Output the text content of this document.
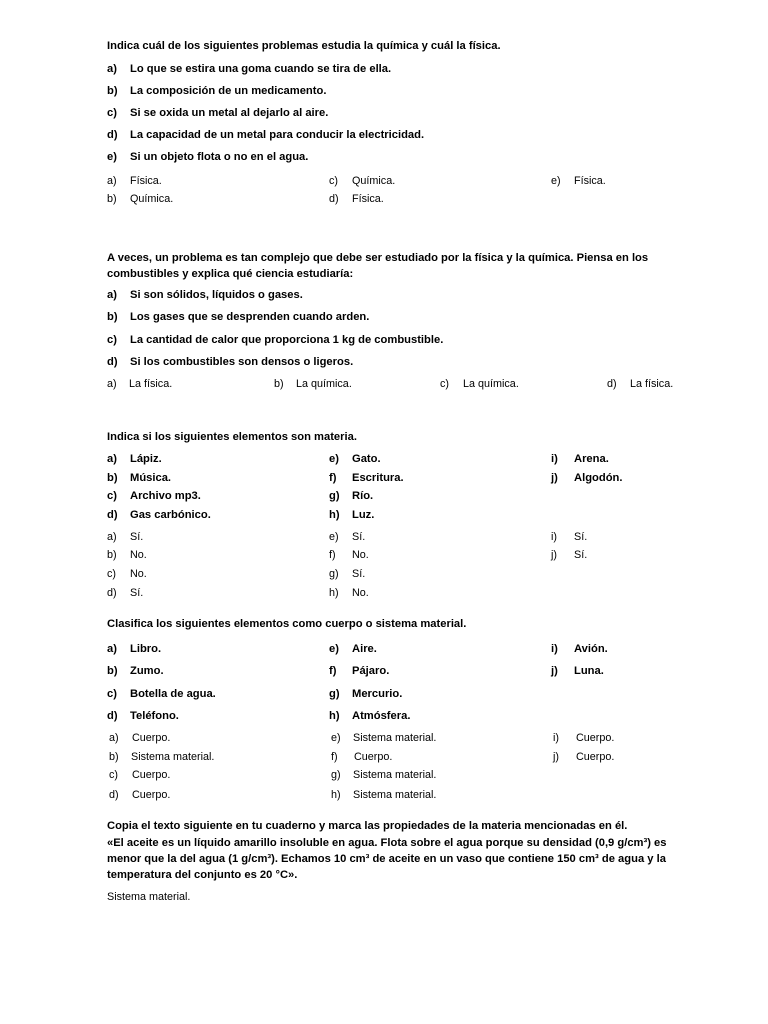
Indica cuál de los siguientes problemas estudia la química y cuál la física.
a) Lo que se estira una goma cuando se tira de ella.
b) La composición de un medicamento.
c) Si se oxida un metal al dejarlo al aire.
d) La capacidad de un metal para conducir la electricidad.
e) Si un objeto flota o no en el agua.
a) Física.
b) Química.
c) Química.
d) Física.
e) Física.
A veces, un problema es tan complejo que debe ser estudiado por la física y la química. Piensa en los
combustibles y explica qué ciencia estudiaría:
a) Si son sólidos, líquidos o gases.
b) Los gases que se desprenden cuando arden.
c) La cantidad de calor que proporciona 1 kg de combustible.
d) Si los combustibles son densos o ligeros.
a) La física.	b) La química.	c) La química.	d) La física.
Indica si los siguientes elementos son materia.
a) Lápiz.
b) Música.
c) Archivo mp3.
d) Gas carbónico.
e) Gato.
f) Escritura.
g) Río.
h) Luz.
i) Arena.
j) Algodón.
a) Sí.
b) No.
c) No.
d) Sí.
e) Sí.
f) No.
g) Sí.
h) No.
i) Sí.
j) Sí.
Clasifica los siguientes elementos como cuerpo o sistema material.
a) Libro.
b) Zumo.
c) Botella de agua.
d) Teléfono.
e) Aire.
f) Pájaro.
g) Mercurio.
h) Atmósfera.
i) Avión.
j) Luna.
a) Cuerpo.
b) Sistema material.
c) Cuerpo.
d) Cuerpo.
e) Sistema material.
f) Cuerpo.
g) Sistema material.
h) Sistema material.
i) Cuerpo.
j) Cuerpo.
Copia el texto siguiente en tu cuaderno y marca las propiedades de la materia mencionadas en él.
«El aceite es un líquido amarillo insoluble en agua. Flota sobre el agua porque su densidad (0,9 g/cm³) es
menor que la del agua (1 g/cm³). Echamos 10 cm³ de aceite en un vaso que contiene 150 cm³ de agua y la
temperatura del conjunto es 20 °C».
Sistema material.
